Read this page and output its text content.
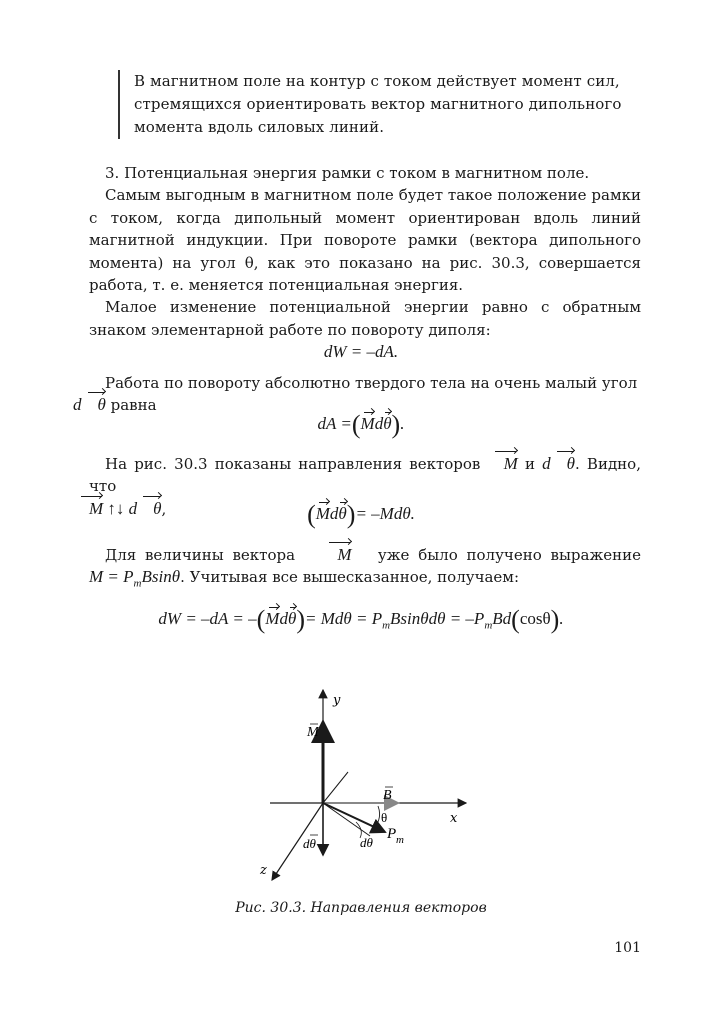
В магнитном поле на контур с током действует момент сил,

стремящихся ориентировать вектор магнитного дипольного

момента вдоль силовых линий.

3. Потенциальная энергия рамки с током в магнитном поле.

Самым выгодным в магнитном поле будет такое положение рамки с током, когда дипольный момент ориентирован вдоль линий магнитной индукции. При повороте рамки (вектора дипольного момента) на угол θ, как это показано на рис. 30.3, совершается работа, т. е. меняется потенциальная энергия.

Малое изменение потенциальной энергии равно с обратным знаком элементарной работе по повороту диполя:

dW = –dA.

Работа по повороту абсолютно твердого тела на очень малый угол
d θ равна

dA =(Mdθ).

На рис. 30.3 показаны направления векторов M и d θ. Видно, что
M ↑↓ d θ,	(Mdθ)= –Mdθ.

Для величины вектора M уже было получено выражение

$M = P_mBsin\theta$. Учитывая все вышесказанное, получаем:

dW = $-dA = -(Md\theta)= Md\theta = P_mBsin\theta d\theta = -P_mBd(\cos\theta)$.
y
x
z
M
B
θ
dθ
P m
dθ
Рис. 30.3. Направления векторов
101
